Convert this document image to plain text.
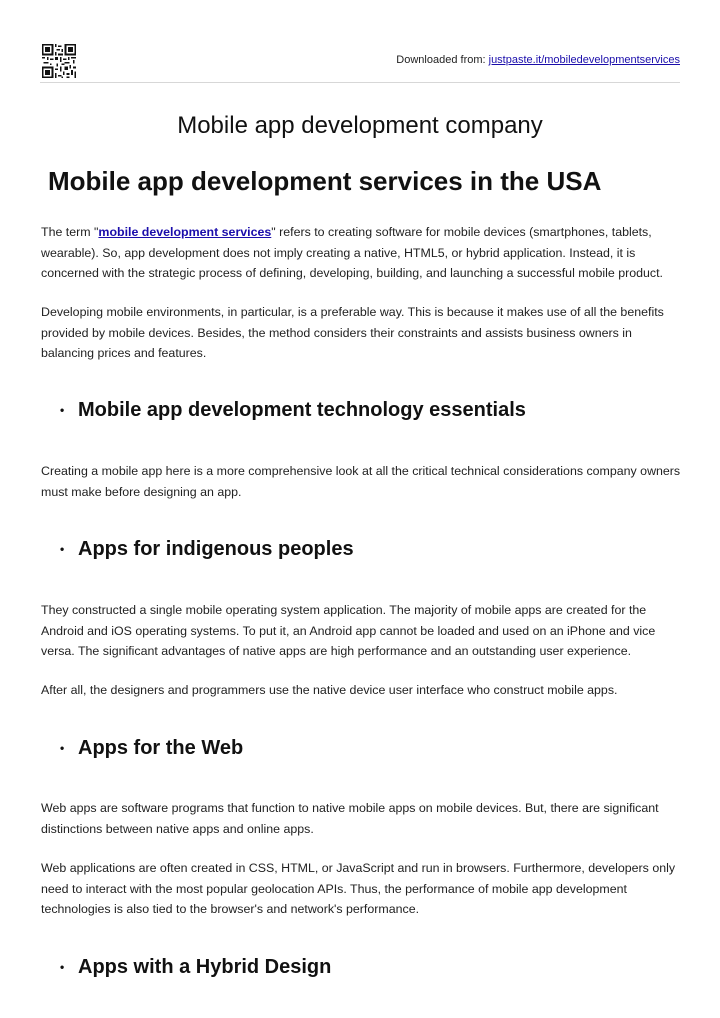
Downloaded from: justpaste.it/mobiledevelopmentservices
Mobile app development company
Mobile app development services in the USA

The term "mobile development services" refers to creating software for mobile devices (smartphones, tablets, wearable). So, app development does not imply creating a native, HTML5, or hybrid application. Instead, it is concerned with the strategic process of defining, developing, building, and launching a successful mobile product.

Developing mobile environments, in particular, is a preferable way. This is because it makes use of all the benefits provided by mobile devices. Besides, the method considers their constraints and assists business owners in balancing prices and features.

• Mobile app development technology essentials

Creating a mobile app here is a more comprehensive look at all the critical technical considerations company owners must make before designing an app.

• Apps for indigenous peoples

They constructed a single mobile operating system application. The majority of mobile apps are created for the Android and iOS operating systems. To put it, an Android app cannot be loaded and used on an iPhone and vice versa. The significant advantages of native apps are high performance and an outstanding user experience.

After all, the designers and programmers use the native device user interface who construct mobile apps.

• Apps for the Web

Web apps are software programs that function to native mobile apps on mobile devices. But, there are significant distinctions between native apps and online apps.

Web applications are often created in CSS, HTML, or JavaScript and run in browsers. Furthermore, developers only need to interact with the most popular geolocation APIs. Thus, the performance of mobile app development technologies is also tied to the browser's and network's performance.

• Apps with a Hybrid Design
